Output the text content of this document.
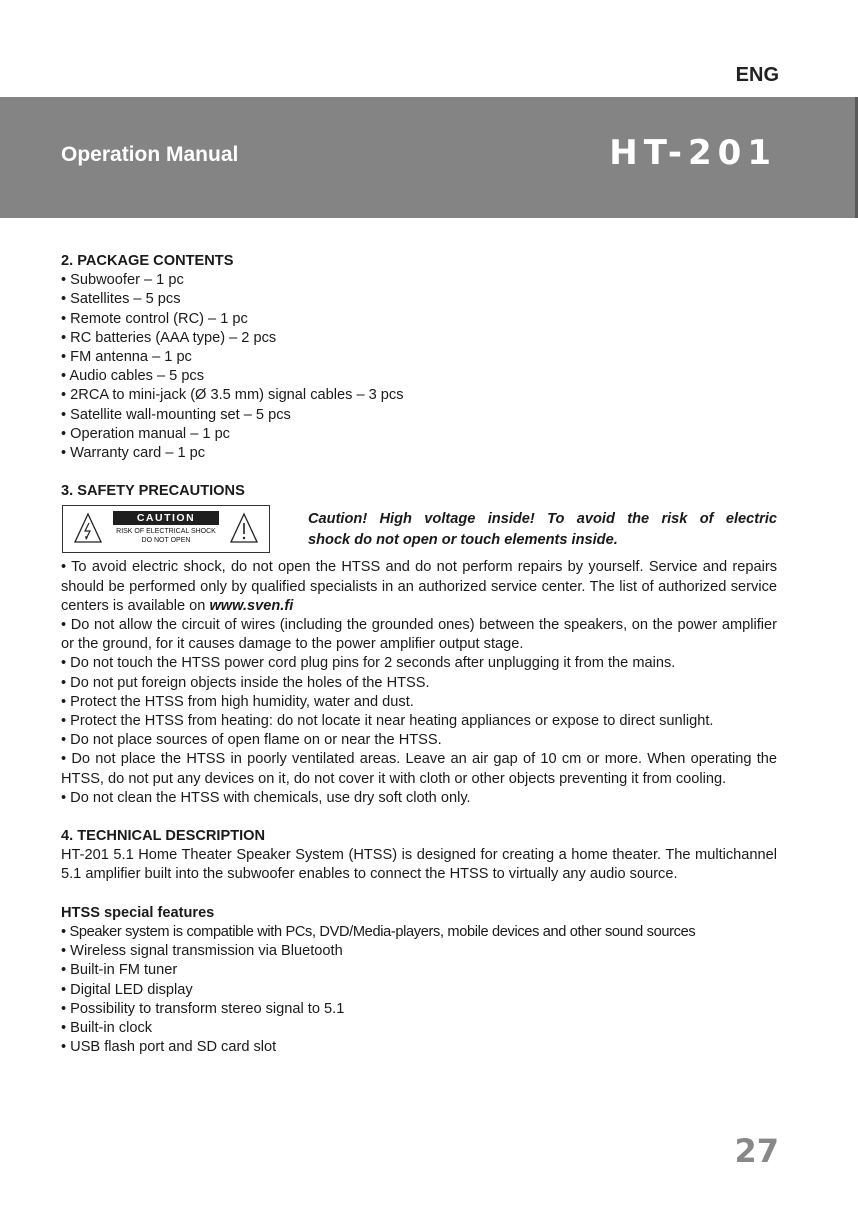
ENG
Operation Manual	HT-201

2. PACKAGE CONTENTS

• Subwoofer – 1 pc

• Satellites – 5 pcs

• Remote control (RC) – 1 pc

• RC batteries (AAA type) – 2 pcs

• FM antenna – 1 pc

• Audio cables – 5 pcs

• 2RCA to mini-jack (Ø 3.5 mm) signal cables – 3 pcs

• Satellite wall-mounting set – 5 pcs

• Operation manual – 1 pc

• Warranty card – 1 pc

3. SAFETY PRECAUTIONS

CAUTION
RISK OF ELECTRICAL SHOCK
DO NOT OPEN
Caution! High voltage inside! To avoid the risk of electric
shock do not open or touch elements inside.

• To avoid electric shock, do not open the HTSS and do not perform repairs by yourself. Service and repairs should be performed only by qualified specialists in an authorized service center. The list of authorized service centers is available on www.sven.fi

• Do not allow the circuit of wires (including the grounded ones) between the speakers, on the power amplifier or the ground, for it causes damage to the power amplifier output stage.

• Do not touch the HTSS power cord plug pins for 2 seconds after unplugging it from the mains.

• Do not put foreign objects inside the holes of the HTSS.

• Protect the HTSS from high humidity, water and dust.

• Protect the HTSS from heating: do not locate it near heating appliances or expose to direct sunlight.

• Do not place sources of open flame on or near the HTSS.

• Do not place the HTSS in poorly ventilated areas. Leave an air gap of 10 cm or more. When operating the HTSS, do not put any devices on it, do not cover it with cloth or other objects preventing it from cooling.

• Do not clean the HTSS with chemicals, use dry soft cloth only.

4. TECHNICAL DESCRIPTION

HT-201 5.1 Home Theater Speaker System (HTSS) is designed for creating a home theater. The multichannel 5.1 amplifier built into the subwoofer enables to connect the HTSS to virtually any audio source.

HTSS special features

• Speaker system is compatible with PCs, DVD/Media-players, mobile devices and other sound sources

• Wireless signal transmission via Bluetooth

• Built-in FM tuner

• Digital LED display

• Possibility to transform stereo signal to 5.1

• Built-in clock

• USB flash port and SD card slot

27
